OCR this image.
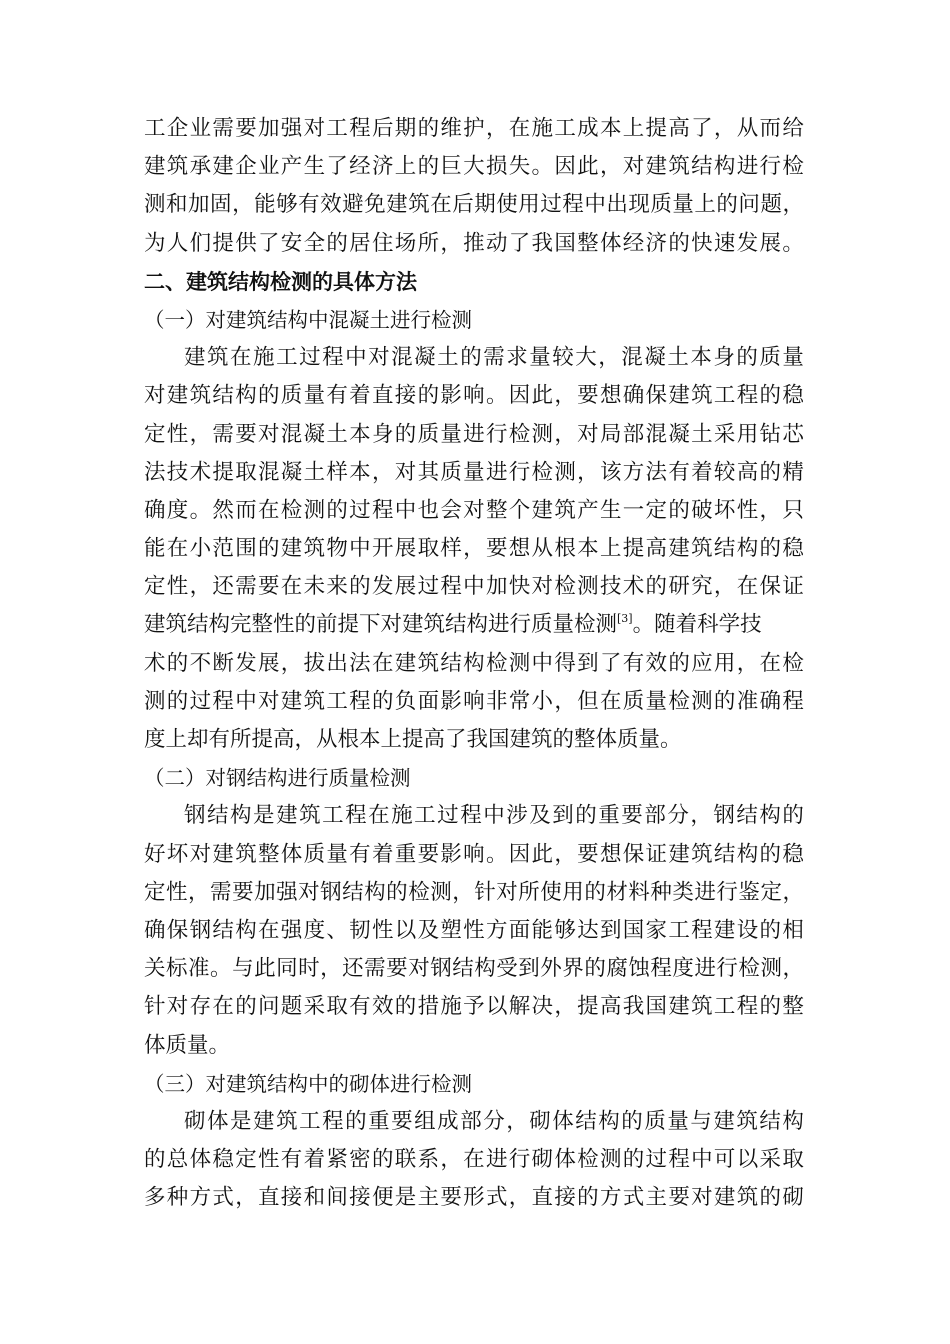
工 企 业 需 要 加 强 对 工 程 后 期 的 维 护 ， 在 施 工 成 本 上 提 高 了 ， 从 而 给
建 筑 承 建 企 业 产 生 了 经 济 上 的 巨 大 损 失 。 因 此 ， 对 建 筑 结 构 进 行 检
测 和 加 固 ， 能 够 有 效 避 免 建 筑 在 后 期 使 用 过 程 中 出 现 质 量 上 的 问 题 ，
为 人 们 提 供 了 安 全 的 居 住 场 所 ， 推 动 了 我 国 整 体 经 济 的 快 速 发 展 。
二、建筑结构检测的具体方法
（一）对建筑结构中混凝土进行检测
建 筑 在 施 工 过 程 中 对 混 凝 土 的 需 求 量 较 大 ， 混 凝 土 本 身 的 质 量
对 建 筑 结 构 的 质 量 有 着 直 接 的 影 响 。 因 此 ， 要 想 确 保 建 筑 工 程 的 稳
定 性 ， 需 要 对 混 凝 土 本 身 的 质 量 进 行 检 测 ， 对 局 部 混 凝 土 采 用 钻 芯
法 技 术 提 取 混 凝 土 样 本 ， 对 其 质 量 进 行 检 测 ， 该 方 法 有 着 较 高 的 精
确 度 。 然 而 在 检 测 的 过 程 中 也 会 对 整 个 建 筑 产 生 一 定 的 破 坏 性 ， 只
能 在 小 范 围 的 建 筑 物 中 开 展 取 样 ， 要 想 从 根 本 上 提 高 建 筑 结 构 的 稳
定 性 ， 还 需 要 在 未 来 的 发 展 过 程 中 加 快 对 检 测 技 术 的 研 究 ， 在 保 证
建筑结构完整性的前提下对建筑结构进行质量检测[3]。随着科学技
术 的 不 断 发 展 ， 拔 出 法 在 建 筑 结 构 检 测 中 得 到 了 有 效 的 应 用 ， 在 检
测 的 过 程 中 对 建 筑 工 程 的 负 面 影 响 非 常 小 ， 但 在 质 量 检 测 的 准 确 程
度上却有所提高，从根本上提高了我国建筑的整体质量。
（二）对钢结构进行质量检测
钢 结 构 是 建 筑 工 程 在 施 工 过 程 中 涉 及 到 的 重 要 部 分 ， 钢 结 构 的
好 坏 对 建 筑 整 体 质 量 有 着 重 要 影 响 。 因 此 ， 要 想 保 证 建 筑 结 构 的 稳
定 性 ， 需 要 加 强 对 钢 结 构 的 检 测 ， 针 对 所 使 用 的 材 料 种 类 进 行 鉴 定 ，
确 保 钢 结 构 在 强 度 、 韧 性 以 及 塑 性 方 面 能 够 达 到 国 家 工 程 建 设 的 相
关 标 准 。 与 此 同 时 ， 还 需 要 对 钢 结 构 受 到 外 界 的 腐 蚀 程 度 进 行 检 测 ，
针 对 存 在 的 问 题 采 取 有 效 的 措 施 予 以 解 决 ， 提 高 我 国 建 筑 工 程 的 整
体质量。
（三）对建筑结构中的砌体进行检测
砌 体 是 建 筑 工 程 的 重 要 组 成 部 分 ， 砌 体 结 构 的 质 量 与 建 筑 结 构
的 总 体 稳 定 性 有 着 紧 密 的 联 系 ， 在 进 行 砌 体 检 测 的 过 程 中 可 以 采 取
多 种 方 式 ， 直 接 和 间 接 便 是 主 要 形 式 ， 直 接 的 方 式 主 要 对 建 筑 的 砌
